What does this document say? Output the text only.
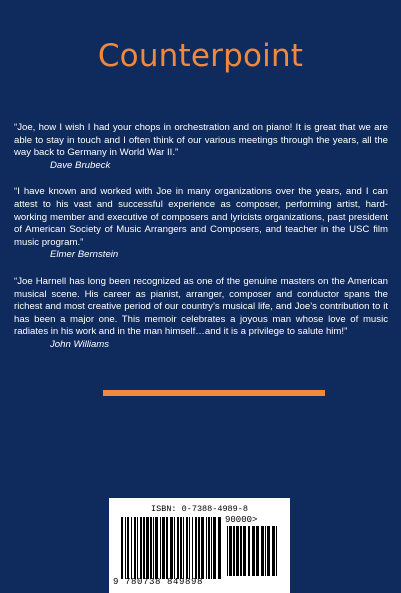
Counterpoint

“Joe, how I wish I had your chops in orchestration and on piano! It is great that we are able to stay in touch and I often think of our various meetings through the years, all the way back to Germany in World War II.”

Dave Brubeck

“I have known and worked with Joe in many organizations over the years, and I can attest to his vast and successful experience as composer, performing artist, hard-working member and executive of composers and lyricists organizations, past president of American Society of Music Arrangers and Composers, and teacher in the USC film music program.”

Elmer Bernstein

“Joe Harnell has long been recognized as one of the genuine masters on the American musical scene. His career as pianist, arranger, composer and conductor spans the richest and most creative period of our country’s musical life, and Joe’s contribution to it has been a major one. This memoir celebrates a joyous man whose love of music radiates in his work and in the man himself…and it is a privilege to salute him!”

John Williams

ISBN: 0-7388-4989-8
90000>
9 780738 849898
